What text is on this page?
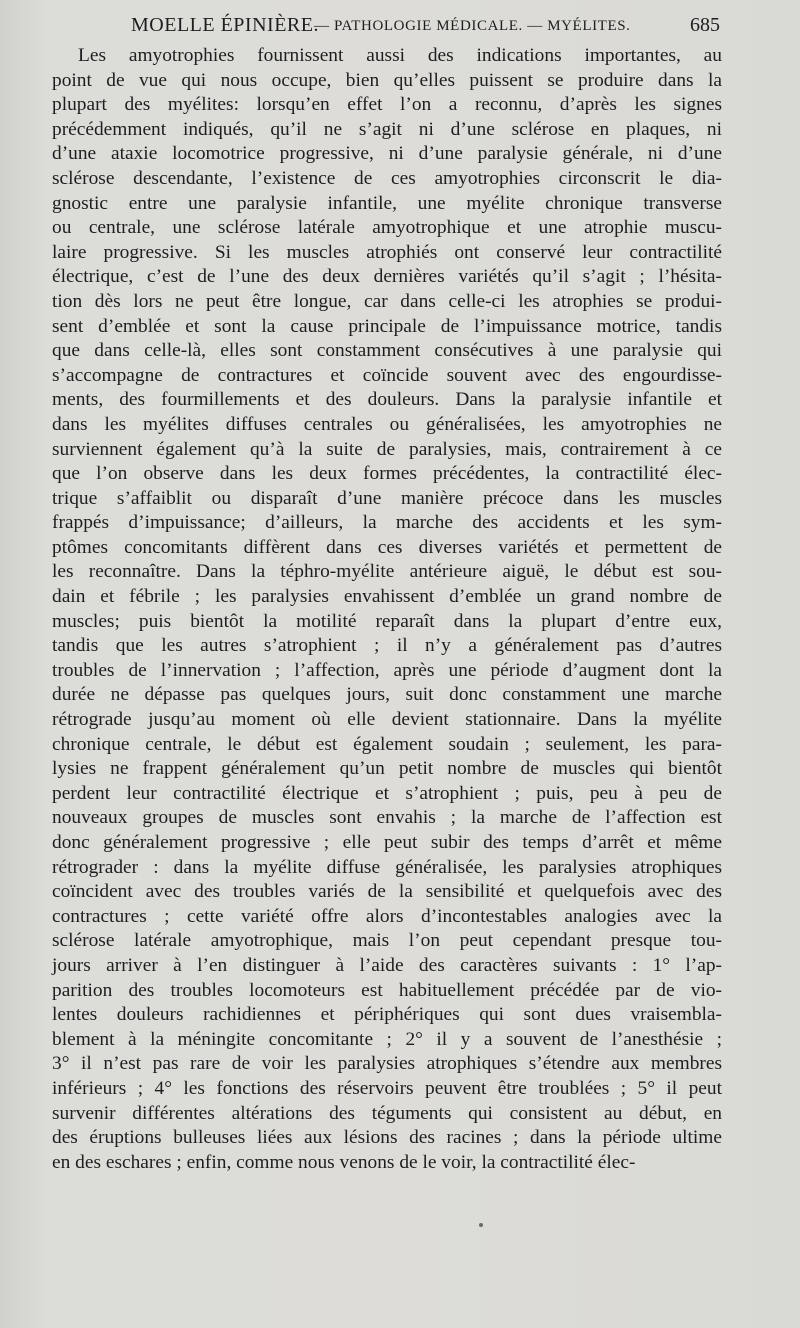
MOELLE ÉPINIÈRE.
— PATHOLOGIE MÉDICALE. — MYÉLITES.	685
Les amyotrophies fournissent aussi des indications importantes, au
point de vue qui nous occupe, bien qu’elles puissent se produire dans la
plupart des myélites: lorsqu’en effet l’on a reconnu, d’après les signes
précédemment indiqués, qu’il ne s’agit ni d’une sclérose en plaques, ni
d’une ataxie locomotrice progressive, ni d’une paralysie générale, ni d’une
sclérose descendante, l’existence de ces amyotrophies circonscrit le dia-
gnostic entre une paralysie infantile, une myélite chronique transverse
ou centrale, une sclérose latérale amyotrophique et une atrophie muscu-
laire progressive. Si les muscles atrophiés ont conservé leur contractilité
électrique, c’est de l’une des deux dernières variétés qu’il s’agit ; l’hésita-
tion dès lors ne peut être longue, car dans celle-ci les atrophies se produi-
sent d’emblée et sont la cause principale de l’impuissance motrice, tandis
que dans celle-là, elles sont constamment consécutives à une paralysie qui
s’accompagne de contractures et coïncide souvent avec des engourdisse-
ments, des fourmillements et des douleurs. Dans la paralysie infantile et
dans les myélites diffuses centrales ou généralisées, les amyotrophies ne
surviennent également qu’à la suite de paralysies, mais, contrairement à ce
que l’on observe dans les deux formes précédentes, la contractilité élec-
trique s’affaiblit ou disparaît d’une manière précoce dans les muscles
frappés d’impuissance; d’ailleurs, la marche des accidents et les sym-
ptômes concomitants diffèrent dans ces diverses variétés et permettent de
les reconnaître. Dans la téphro-myélite antérieure aiguë, le début est sou-
dain et fébrile ; les paralysies envahissent d’emblée un grand nombre de
muscles; puis bientôt la motilité reparaît dans la plupart d’entre eux,
tandis que les autres s’atrophient ; il n’y a généralement pas d’autres
troubles de l’innervation ; l’affection, après une période d’augment dont la
durée ne dépasse pas quelques jours, suit donc constamment une marche
rétrograde jusqu’au moment où elle devient stationnaire. Dans la myélite
chronique centrale, le début est également soudain ; seulement, les para-
lysies ne frappent généralement qu’un petit nombre de muscles qui bientôt
perdent leur contractilité électrique et s’atrophient ; puis, peu à peu de
nouveaux groupes de muscles sont envahis ; la marche de l’affection est
donc généralement progressive ; elle peut subir des temps d’arrêt et même
rétrograder : dans la myélite diffuse généralisée, les paralysies atrophiques
coïncident avec des troubles variés de la sensibilité et quelquefois avec des
contractures ; cette variété offre alors d’incontestables analogies avec la
sclérose latérale amyotrophique, mais l’on peut cependant presque tou-
jours arriver à l’en distinguer à l’aide des caractères suivants : 1° l’ap-
parition des troubles locomoteurs est habituellement précédée par de vio-
lentes douleurs rachidiennes et périphériques qui sont dues vraisembla-
blement à la méningite concomitante ; 2° il y a souvent de l’anesthésie ;
3° il n’est pas rare de voir les paralysies atrophiques s’étendre aux membres
inférieurs ; 4° les fonctions des réservoirs peuvent être troublées ; 5° il peut
survenir différentes altérations des téguments qui consistent au début, en
des éruptions bulleuses liées aux lésions des racines ; dans la période ultime
en des eschares ; enfin, comme nous venons de le voir, la contractilité élec-
